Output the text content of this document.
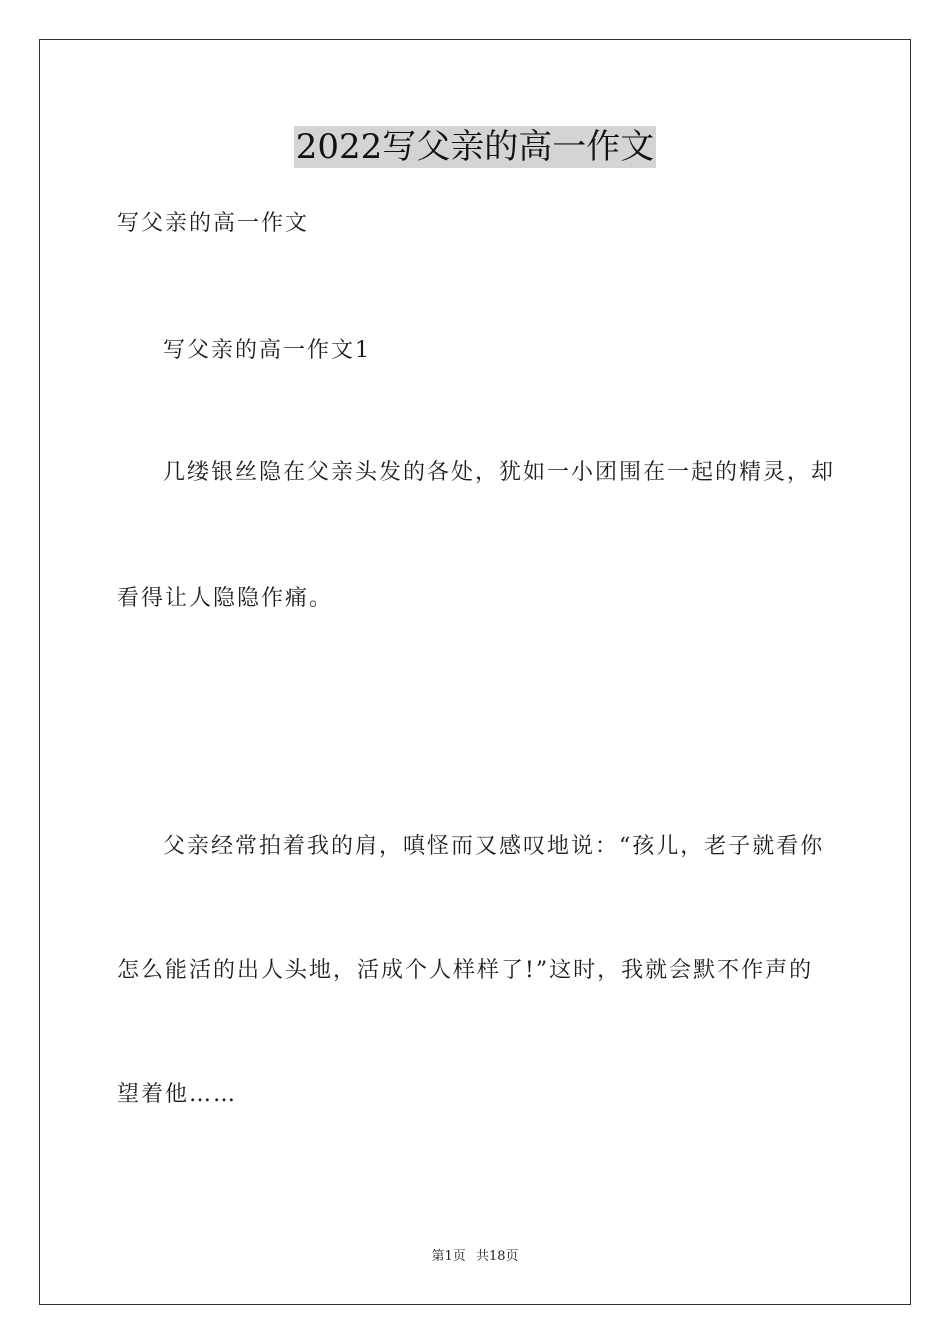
2022写父亲的高一作文
写父亲的高一作文
写父亲的高一作文1
几缕银丝隐在父亲头发的各处，犹如一小团围在一起的精灵，却
看得让人隐隐作痛。
父亲经常拍着我的肩，嗔怪而又感叹地说：“孩儿，老子就看你
怎么能活的出人头地，活成个人样样了!”这时，我就会默不作声的
望着他……
第1页 共18页
